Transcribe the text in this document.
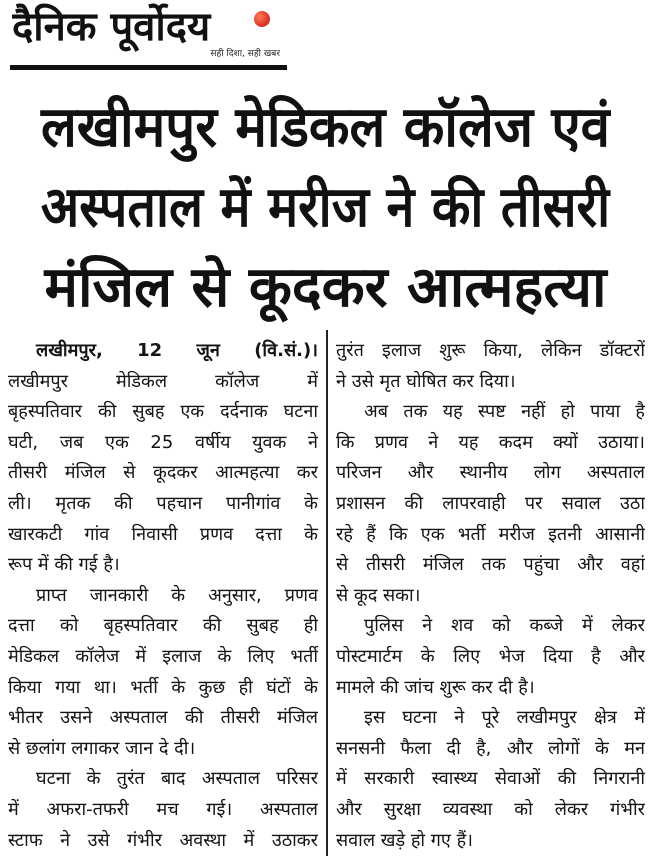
दैनिक पूर्वोदय
सही दिशा, सही खबर
लखीमपुर मेडिकल कॉलेज एवं
अस्पताल में मरीज ने की तीसरी
मंजिल से कूदकर आत्महत्या
लखीमपुर, 12 जून (वि.सं.)।
लखीमपुर मेडिकल कॉलेज में
बृहस्पतिवार की सुबह एक दर्दनाक घटना
घटी, जब एक 25 वर्षीय युवक ने
तीसरी मंजिल से कूदकर आत्महत्या कर
ली। मृतक की पहचान पानीगांव के
खारकटी गांव निवासी प्रणव दत्ता के
रूप में की गई है।
प्राप्त जानकारी के अनुसार, प्रणव
दत्ता को बृहस्पतिवार की सुबह ही
मेडिकल कॉलेज में इलाज के लिए भर्ती
किया गया था। भर्ती के कुछ ही घंटों के
भीतर उसने अस्पताल की तीसरी मंजिल
से छलांग लगाकर जान दे दी।
घटना के तुरंत बाद अस्पताल परिसर
में अफरा-तफरी मच गई। अस्पताल
स्टाफ ने उसे गंभीर अवस्था में उठाकर
तुरंत इलाज शुरू किया, लेकिन डॉक्टरों
ने उसे मृत घोषित कर दिया।
अब तक यह स्पष्ट नहीं हो पाया है
कि प्रणव ने यह कदम क्यों उठाया।
परिजन और स्थानीय लोग अस्पताल
प्रशासन की लापरवाही पर सवाल उठा
रहे हैं कि एक भर्ती मरीज इतनी आसानी
से तीसरी मंजिल तक पहुंचा और वहां
से कूद सका।
पुलिस ने शव को कब्जे में लेकर
पोस्टमार्टम के लिए भेज दिया है और
मामले की जांच शुरू कर दी है।
इस घटना ने पूरे लखीमपुर क्षेत्र में
सनसनी फैला दी है, और लोगों के मन
में सरकारी स्वास्थ्य सेवाओं की निगरानी
और सुरक्षा व्यवस्था को लेकर गंभीर
सवाल खड़े हो गए हैं।
